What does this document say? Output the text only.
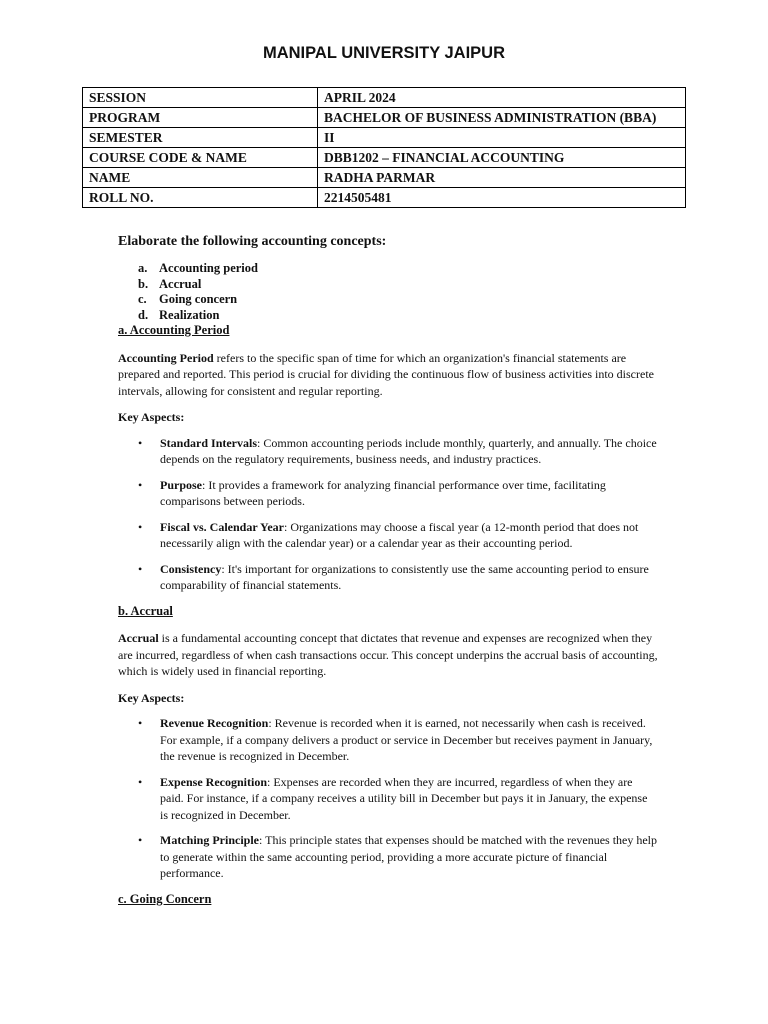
MANIPAL UNIVERSITY JAIPUR
SESSION	APRIL 2024
PROGRAM	BACHELOR OF BUSINESS ADMINISTRATION (BBA)
SEMESTER	II
COURSE CODE & NAME	DBB1202 – FINANCIAL ACCOUNTING
NAME	RADHA PARMAR
ROLL NO.	2214505481
Elaborate the following accounting concepts:
a. Accounting period
b. Accrual
c. Going concern
d. Realization
a. Accounting Period
Accounting Period refers to the specific span of time for which an organization's financial statements are prepared and reported. This period is crucial for dividing the continuous flow of business activities into discrete intervals, allowing for consistent and regular reporting.
Key Aspects:
•	Standard Intervals: Common accounting periods include monthly, quarterly, and annually. The choice depends on the regulatory requirements, business needs, and industry practices.
•	Purpose: It provides a framework for analyzing financial performance over time, facilitating comparisons between periods.
•	Fiscal vs. Calendar Year: Organizations may choose a fiscal year (a 12-month period that does not necessarily align with the calendar year) or a calendar year as their accounting period.
•	Consistency: It's important for organizations to consistently use the same accounting period to ensure comparability of financial statements.
b. Accrual
Accrual is a fundamental accounting concept that dictates that revenue and expenses are recognized when they are incurred, regardless of when cash transactions occur. This concept underpins the accrual basis of accounting, which is widely used in financial reporting.
Key Aspects:
•	Revenue Recognition: Revenue is recorded when it is earned, not necessarily when cash is received. For example, if a company delivers a product or service in December but receives payment in January, the revenue is recognized in December.
•	Expense Recognition: Expenses are recorded when they are incurred, regardless of when they are paid. For instance, if a company receives a utility bill in December but pays it in January, the expense is recognized in December.
•	Matching Principle: This principle states that expenses should be matched with the revenues they help to generate within the same accounting period, providing a more accurate picture of financial performance.
c. Going Concern
